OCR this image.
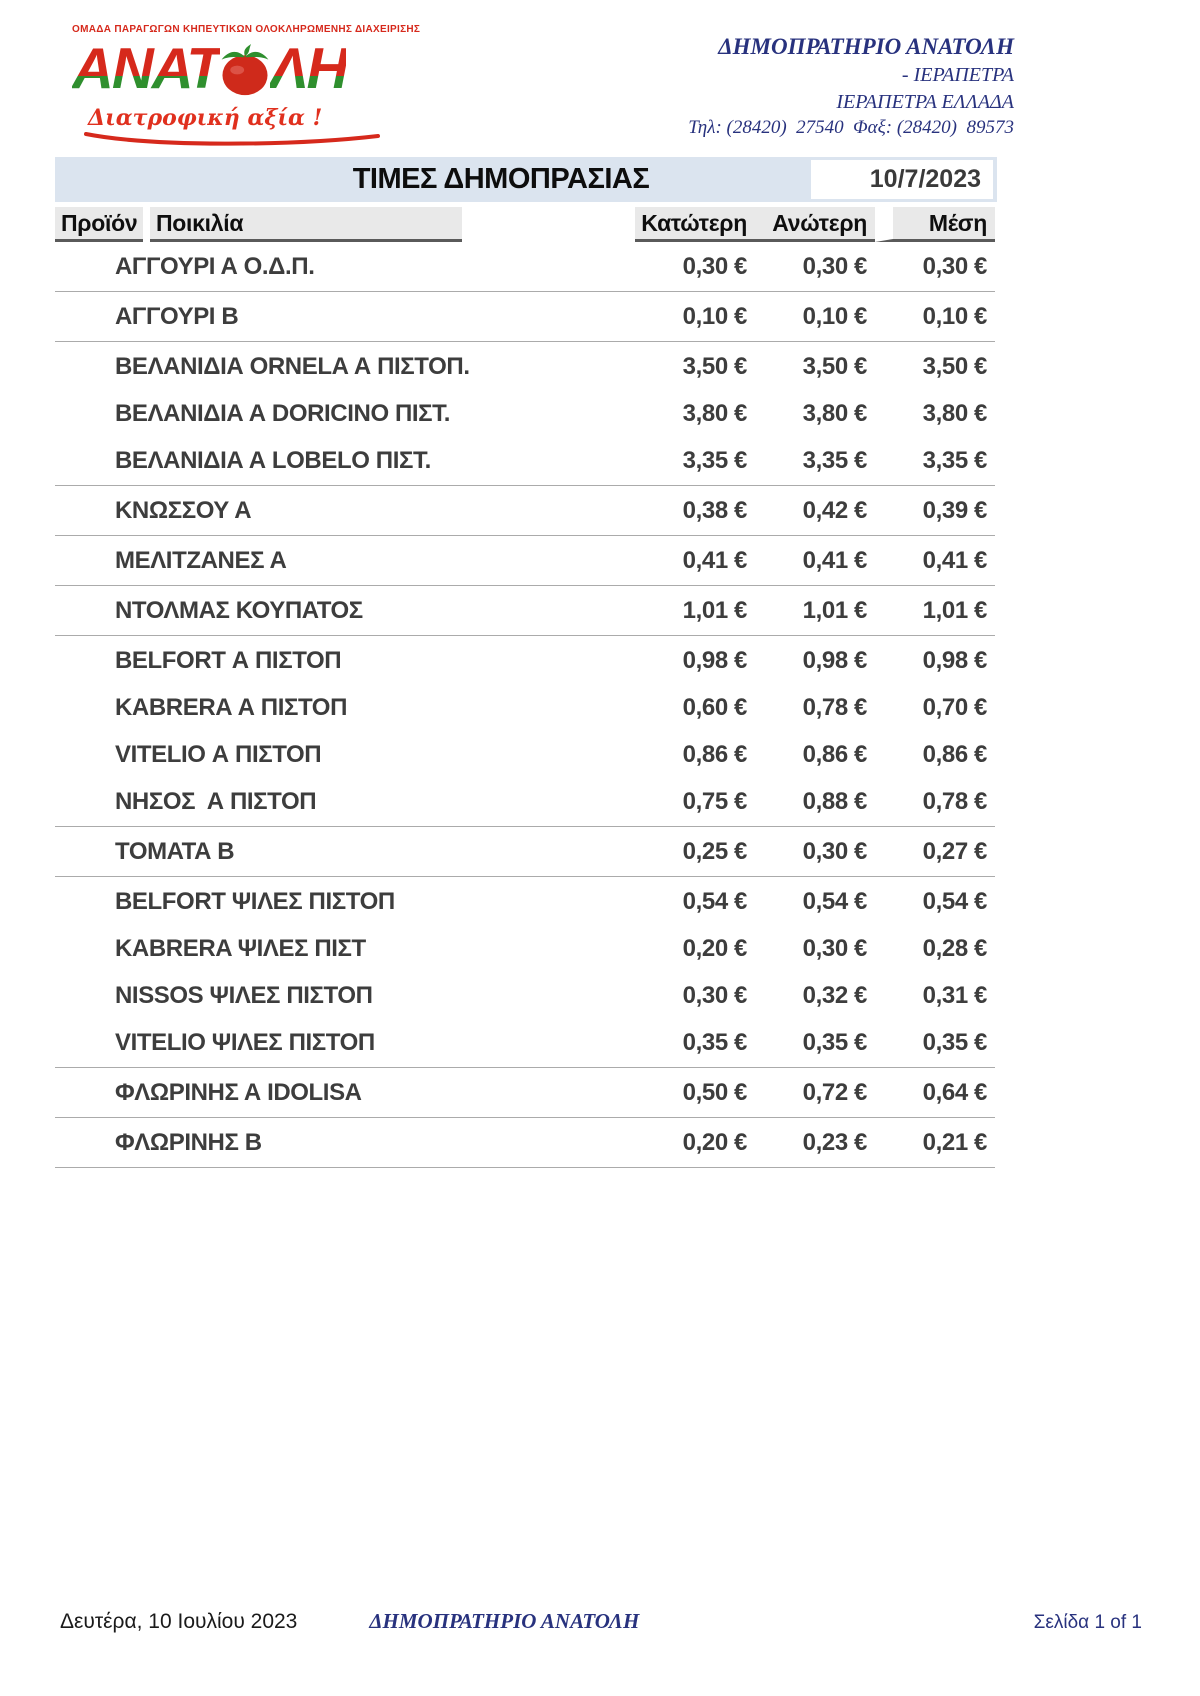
ΟΜΑΔΑ ΠΑΡΑΓΩΓΩΝ ΚΗΠΕΥΤΙΚΩΝ ΟΛΟΚΛΗΡΩΜΕΝΗΣ ΔΙΑΧΕΙΡΙΣΗΣ
ΑΝΑΤ ΛΗ
Διατροφική αξία !
ΔΗΜΟΠΡΑΤΗΡΙΟ ΑΝΑΤΟΛΗ
- ΙΕΡΑΠΕΤΡΑ
ΙΕΡΑΠΕΤΡΑ ΕΛΛΑΔΑ
Τηλ: (28420)  27540  Φαξ: (28420)  89573
ΤΙΜΕΣ ΔΗΜΟΠΡΑΣΙΑΣ	10/7/2023
Προϊόν Ποικιλία	Κατώτερη	Ανώτερη	Μέση
ΑΓΓΟΥΡΙ Α Ο.Δ.Π.	0,30 €	0,30 €	0,30 €
ΑΓΓΟΥΡΙ Β	0,10 €	0,10 €	0,10 €
ΒΕΛΑΝΙΔΙΑ ORNELA Α ΠΙΣΤΟΠ.	3,50 €	3,50 €	3,50 €
ΒΕΛΑΝΙΔΙΑ Α DORICINO ΠΙΣΤ.	3,80 €	3,80 €	3,80 €
ΒΕΛΑΝΙΔΙΑ Α LOBELO ΠΙΣΤ.	3,35 €	3,35 €	3,35 €
ΚΝΩΣΣΟΥ Α	0,38 €	0,42 €	0,39 €
ΜΕΛΙΤΖΑΝΕΣ Α	0,41 €	0,41 €	0,41 €
ΝΤΟΛΜΑΣ ΚΟΥΠΑΤΟΣ	1,01 €	1,01 €	1,01 €
BELFORT Α ΠΙΣΤΟΠ	0,98 €	0,98 €	0,98 €
KABRERA Α ΠΙΣΤΟΠ	0,60 €	0,78 €	0,70 €
VITELIO Α ΠΙΣΤΟΠ	0,86 €	0,86 €	0,86 €
ΝΗΣΟΣ  Α ΠΙΣΤΟΠ	0,75 €	0,88 €	0,78 €
ΤΟΜΑΤΑ Β	0,25 €	0,30 €	0,27 €
BELFORT ΨΙΛΕΣ ΠΙΣΤΟΠ	0,54 €	0,54 €	0,54 €
KABRERA ΨΙΛΕΣ ΠΙΣΤ	0,20 €	0,30 €	0,28 €
NISSOS ΨΙΛΕΣ ΠΙΣΤΟΠ	0,30 €	0,32 €	0,31 €
VITELIO ΨΙΛΕΣ ΠΙΣΤΟΠ	0,35 €	0,35 €	0,35 €
ΦΛΩΡΙΝΗΣ Α IDOLISA	0,50 €	0,72 €	0,64 €
ΦΛΩΡΙΝΗΣ Β	0,20 €	0,23 €	0,21 €
Δευτέρα, 10 Ιουλίου 2023	ΔΗΜΟΠΡΑΤΗΡΙΟ ΑΝΑΤΟΛΗ	Σελίδα 1 of 1
